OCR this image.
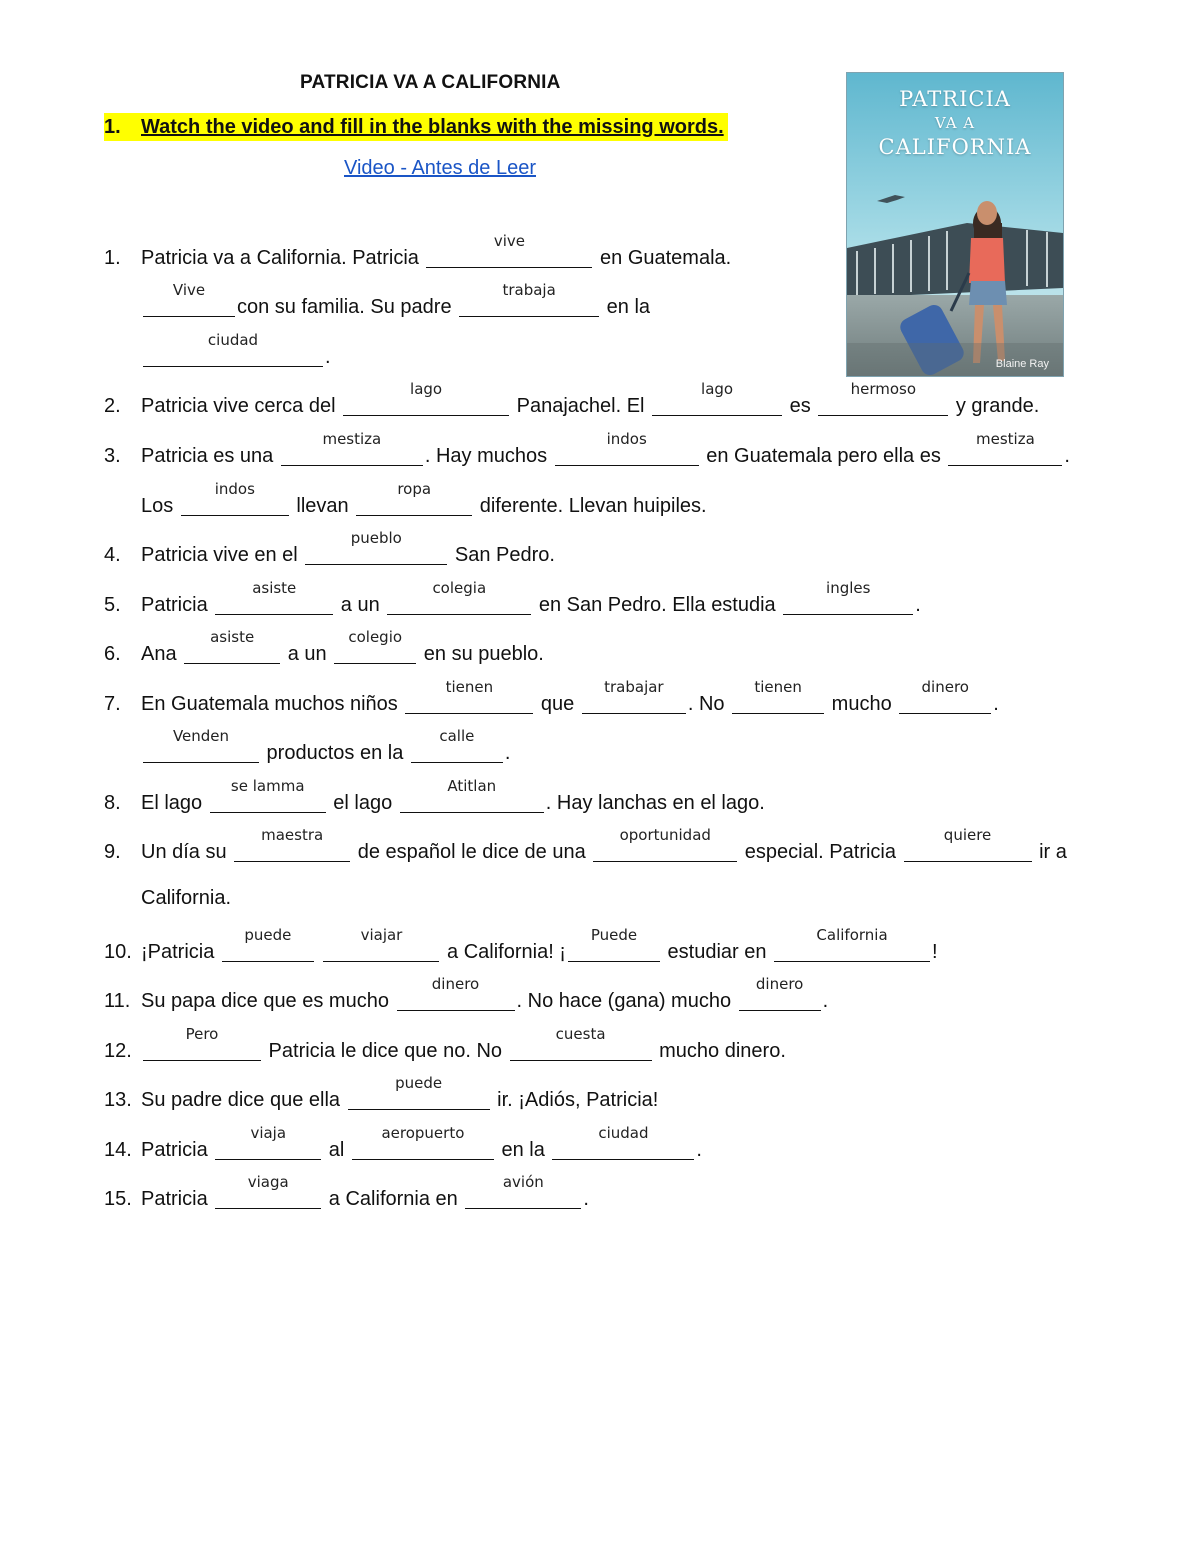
PATRICIA VA A CALIFORNIA
1. Watch the video and fill in the blanks with the missing words.
Video - Antes de Leer
PATRICIA
VA A
CALIFORNIA
Blaine Ray
1. Patricia va a California. Patricia
vive
en Guatemala.
Vive
con su familia. Su padre
trabaja
en la
ciudad
.
2. Patricia vive cerca del
lago
Panajachel. El
lago
es
hermoso
y grande.
3. Patricia es una
mestiza
. Hay muchos
indos
en Guatemala pero ella es
mestiza
.
Los
indos
llevan
ropa
diferente. Llevan huipiles.
4. Patricia vive en el
pueblo
San Pedro.
5. Patricia
asiste
a un
colegia
en San Pedro. Ella estudia
ingles
.
6. Ana
asiste
a un
colegio
en su pueblo.
7. En Guatemala muchos niños
tienen
que
trabajar
. No
tienen
mucho
dinero
.
Venden
productos en la
calle
.
8. El lago
se lamma
el lago
Atitlan
. Hay lanchas en el lago.
9. Un día su
maestra
de español le dice de una
oportunidad
especial. Patricia
quiere
ir a
California.
10. ¡Patricia
puede
	viajar
a California! ¡
Puede
estudiar en
California
!
11. Su papa dice que es mucho
dinero
. No hace (gana) mucho
dinero
.
12.
Pero
Patricia le dice que no. No
cuesta
mucho dinero.
13. Su padre dice que ella
puede
ir. ¡Adiós, Patricia!
14. Patricia
viaja
al
aeropuerto
en la
ciudad
.
15. Patricia
viaga
a California en
avión
.
